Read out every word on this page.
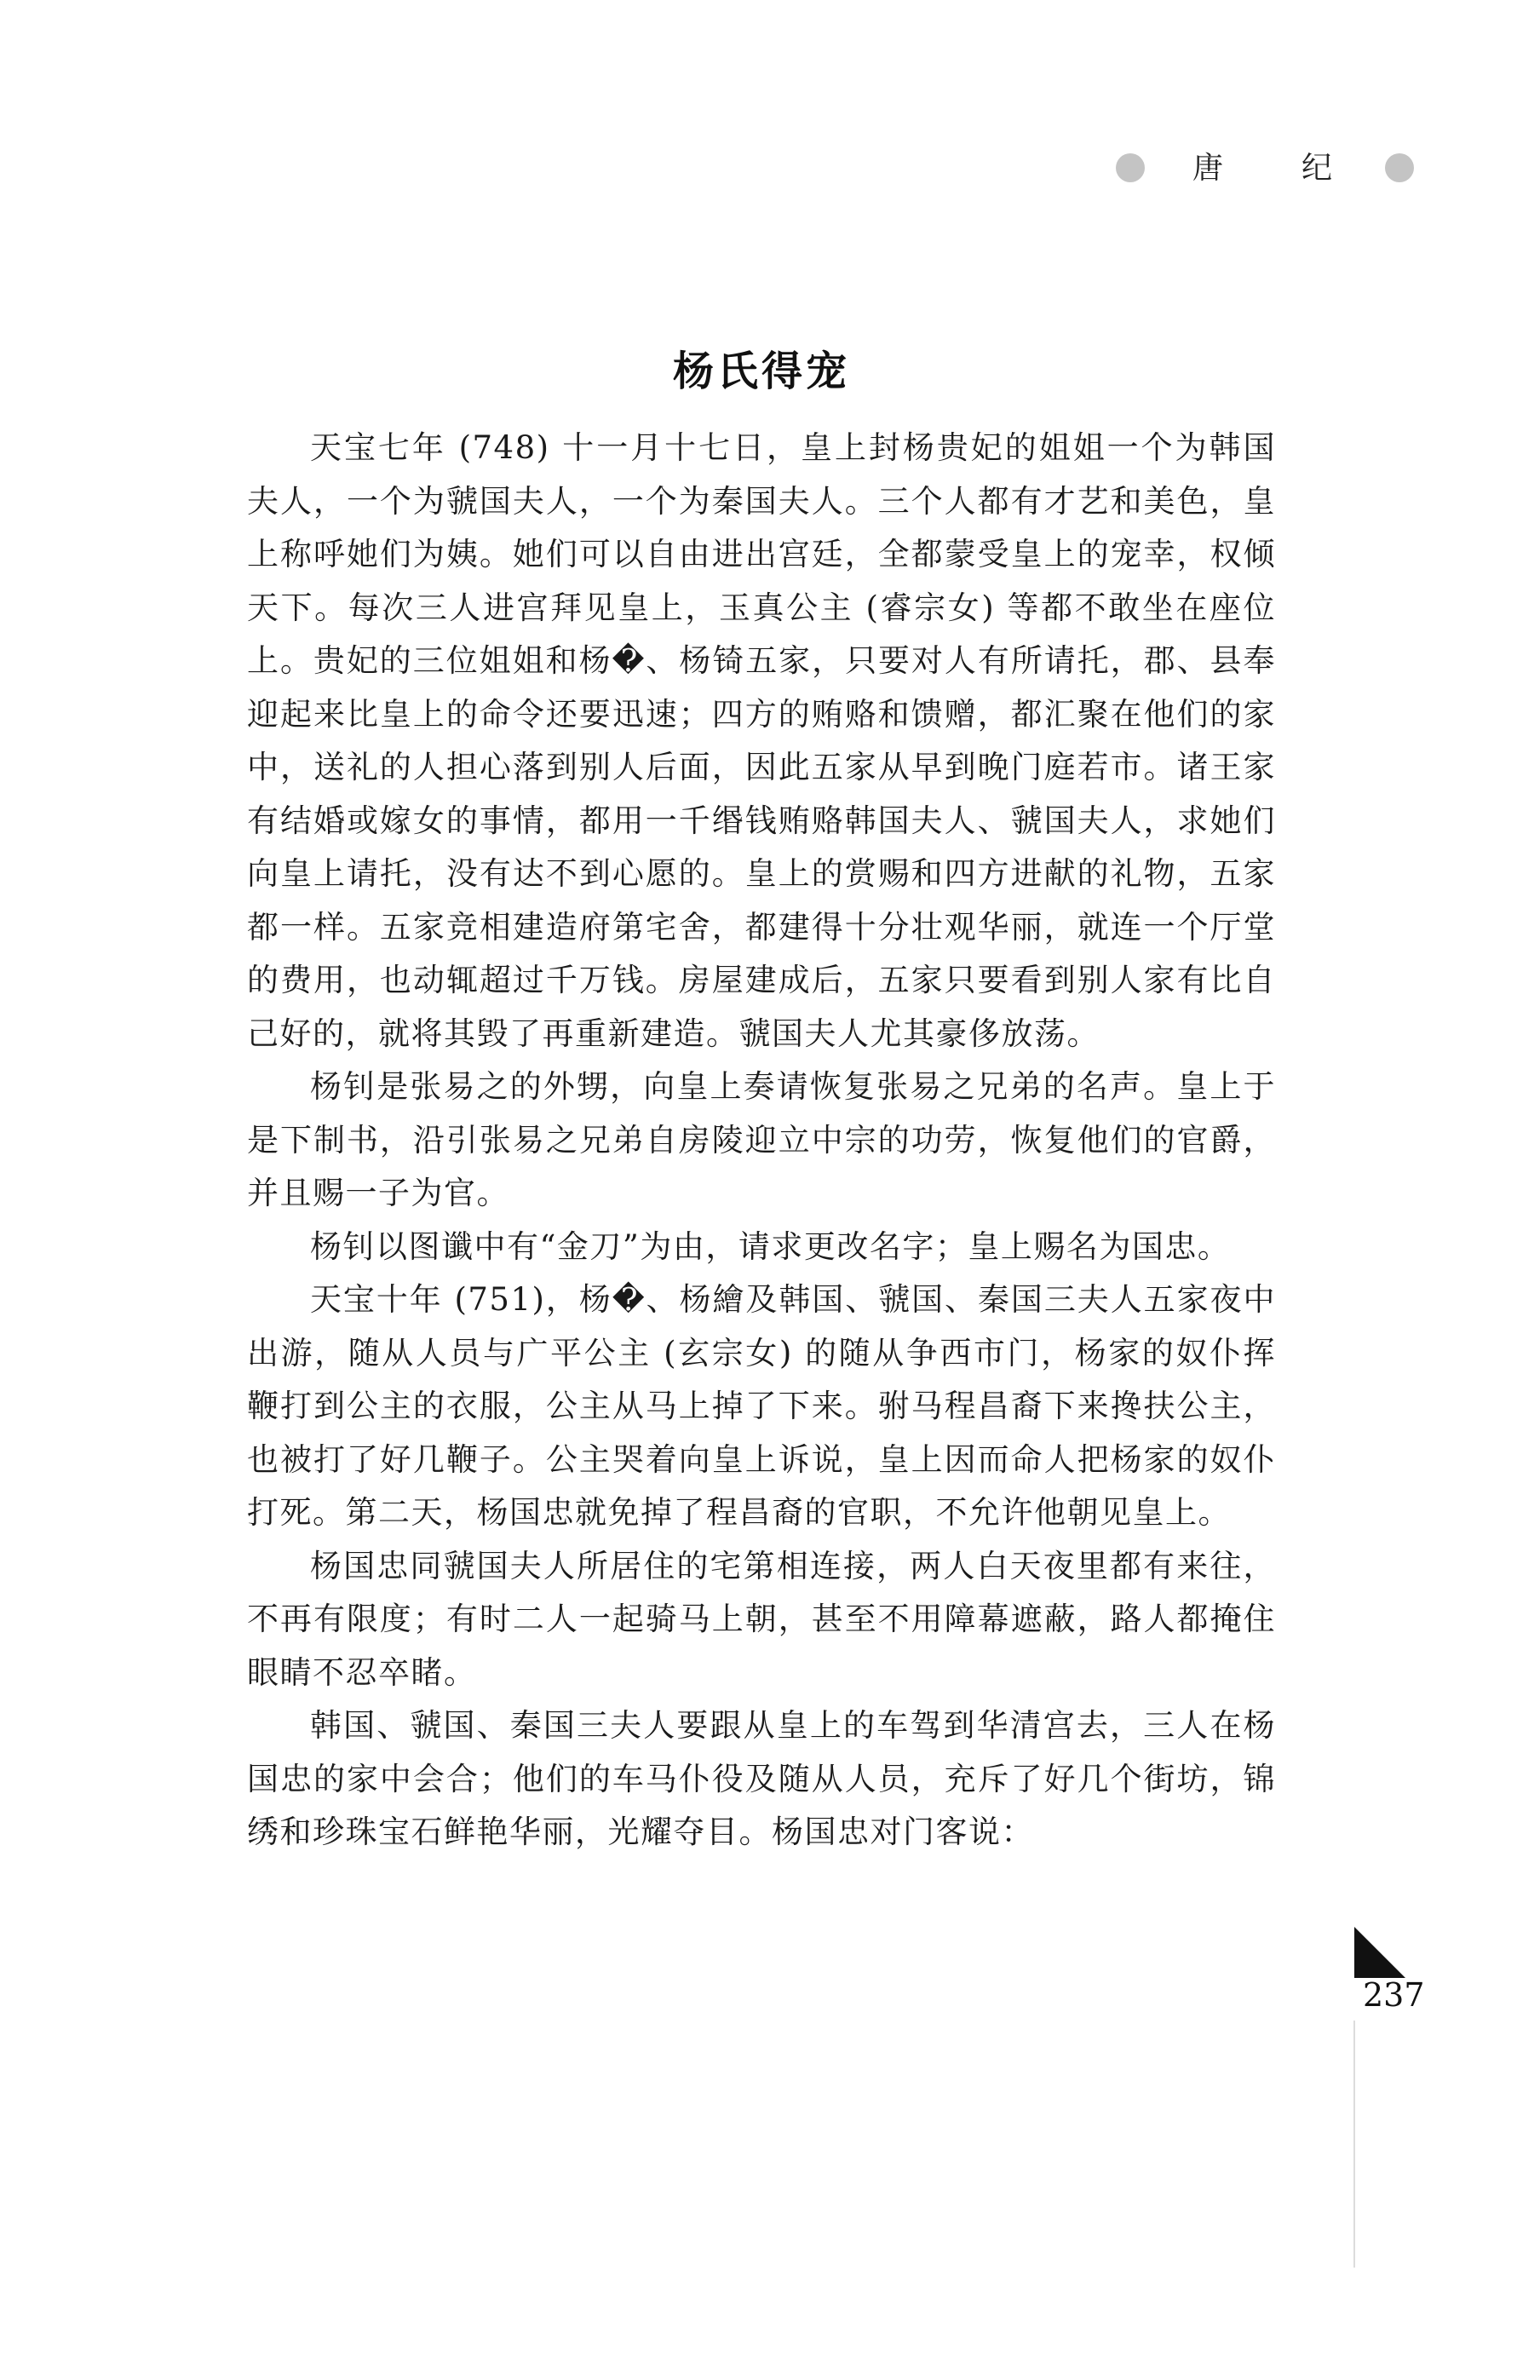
唐	纪
杨氏得宠

天宝七年 (748) 十一月十七日，皇上封杨贵妃的姐姐一个为韩国夫人，一个为虢国夫人，一个为秦国夫人。三个人都有才艺和美色，皇上称呼她们为姨。她们可以自由进出宫廷，全都蒙受皇上的宠幸，权倾天下。每次三人进宫拜见皇上，玉真公主 (睿宗女) 等都不敢坐在座位上。贵妃的三位姐姐和杨�、杨锜五家，只要对人有所请托，郡、县奉迎起来比皇上的命令还要迅速；四方的贿赂和馈赠，都汇聚在他们的家中，送礼的人担心落到别人后面，因此五家从早到晚门庭若市。诸王家有结婚或嫁女的事情，都用一千缗钱贿赂韩国夫人、虢国夫人，求她们向皇上请托，没有达不到心愿的。皇上的赏赐和四方进献的礼物，五家都一样。五家竞相建造府第宅舍，都建得十分壮观华丽，就连一个厅堂的费用，也动辄超过千万钱。房屋建成后，五家只要看到别人家有比自己好的，就将其毁了再重新建造。虢国夫人尤其豪侈放荡。

杨钊是张易之的外甥，向皇上奏请恢复张易之兄弟的名声。皇上于是下制书，沿引张易之兄弟自房陵迎立中宗的功劳，恢复他们的官爵，并且赐一子为官。

杨钊以图谶中有“金刀”为由，请求更改名字；皇上赐名为国忠。

天宝十年 (751)，杨�、杨繪及韩国、虢国、秦国三夫人五家夜中出游，随从人员与广平公主 (玄宗女) 的随从争西市门，杨家的奴仆挥鞭打到公主的衣服，公主从马上掉了下来。驸马程昌裔下来搀扶公主，也被打了好几鞭子。公主哭着向皇上诉说，皇上因而命人把杨家的奴仆打死。第二天，杨国忠就免掉了程昌裔的官职，不允许他朝见皇上。

杨国忠同虢国夫人所居住的宅第相连接，两人白天夜里都有来往，不再有限度；有时二人一起骑马上朝，甚至不用障幕遮蔽，路人都掩住眼睛不忍卒睹。

韩国、虢国、秦国三夫人要跟从皇上的车驾到华清宫去，三人在杨国忠的家中会合；他们的车马仆役及随从人员，充斥了好几个街坊，锦绣和珍珠宝石鲜艳华丽，光耀夺目。杨国忠对门客说：

237
